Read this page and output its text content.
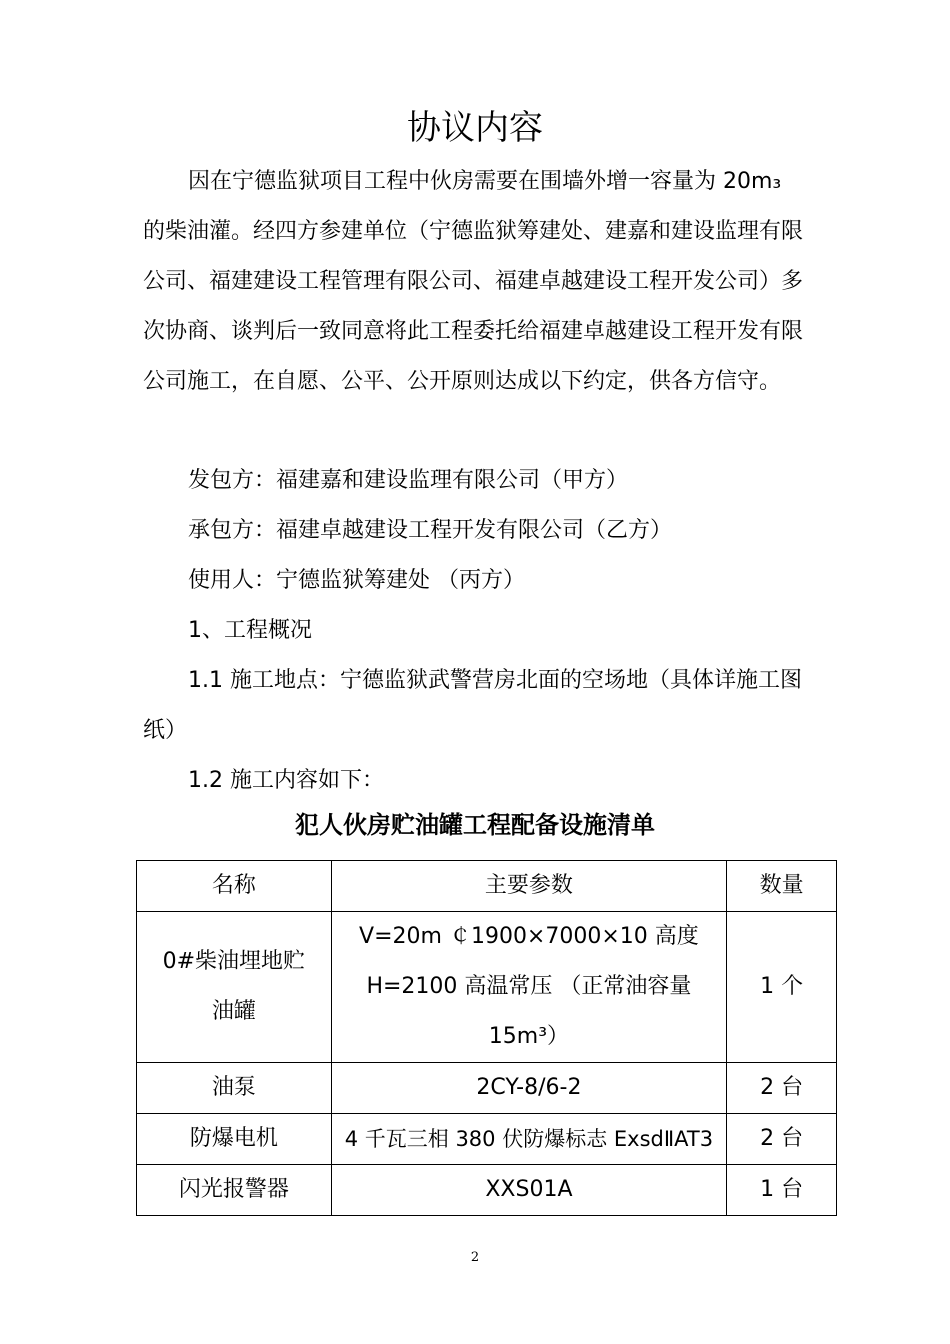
协议内容

因在宁德监狱项目工程中伙房需要在围墙外增一容量为 20m₃

的柴油灌。经四方参建单位（宁德监狱筹建处、建嘉和建设监理有限

公司、福建建设工程管理有限公司、福建卓越建设工程开发公司）多

次协商、谈判后一致同意将此工程委托给福建卓越建设工程开发有限

公司施工，在自愿、公平、公开原则达成以下约定，供各方信守。

发包方：福建嘉和建设监理有限公司（甲方）

承包方：福建卓越建设工程开发有限公司（乙方）

使用人：宁德监狱筹建处 （丙方）

1、工程概况

1.1 施工地点：宁德监狱武警营房北面的空场地（具体详施工图

纸）

1.2 施工内容如下：

犯人伙房贮油罐工程配备设施清单
名称	主要参数	数量
0#柴油埋地贮油罐	V=20m ￠1900×7000×10 高度 H=2100 高温常压 （正常油容量 15m³）	1 个
油泵	2CY-8/6-2	2 台
防爆电机	4 千瓦三相 380 伏防爆标志 ExsdⅡAT3	2 台
闪光报警器	XXS01A	1 台
2
